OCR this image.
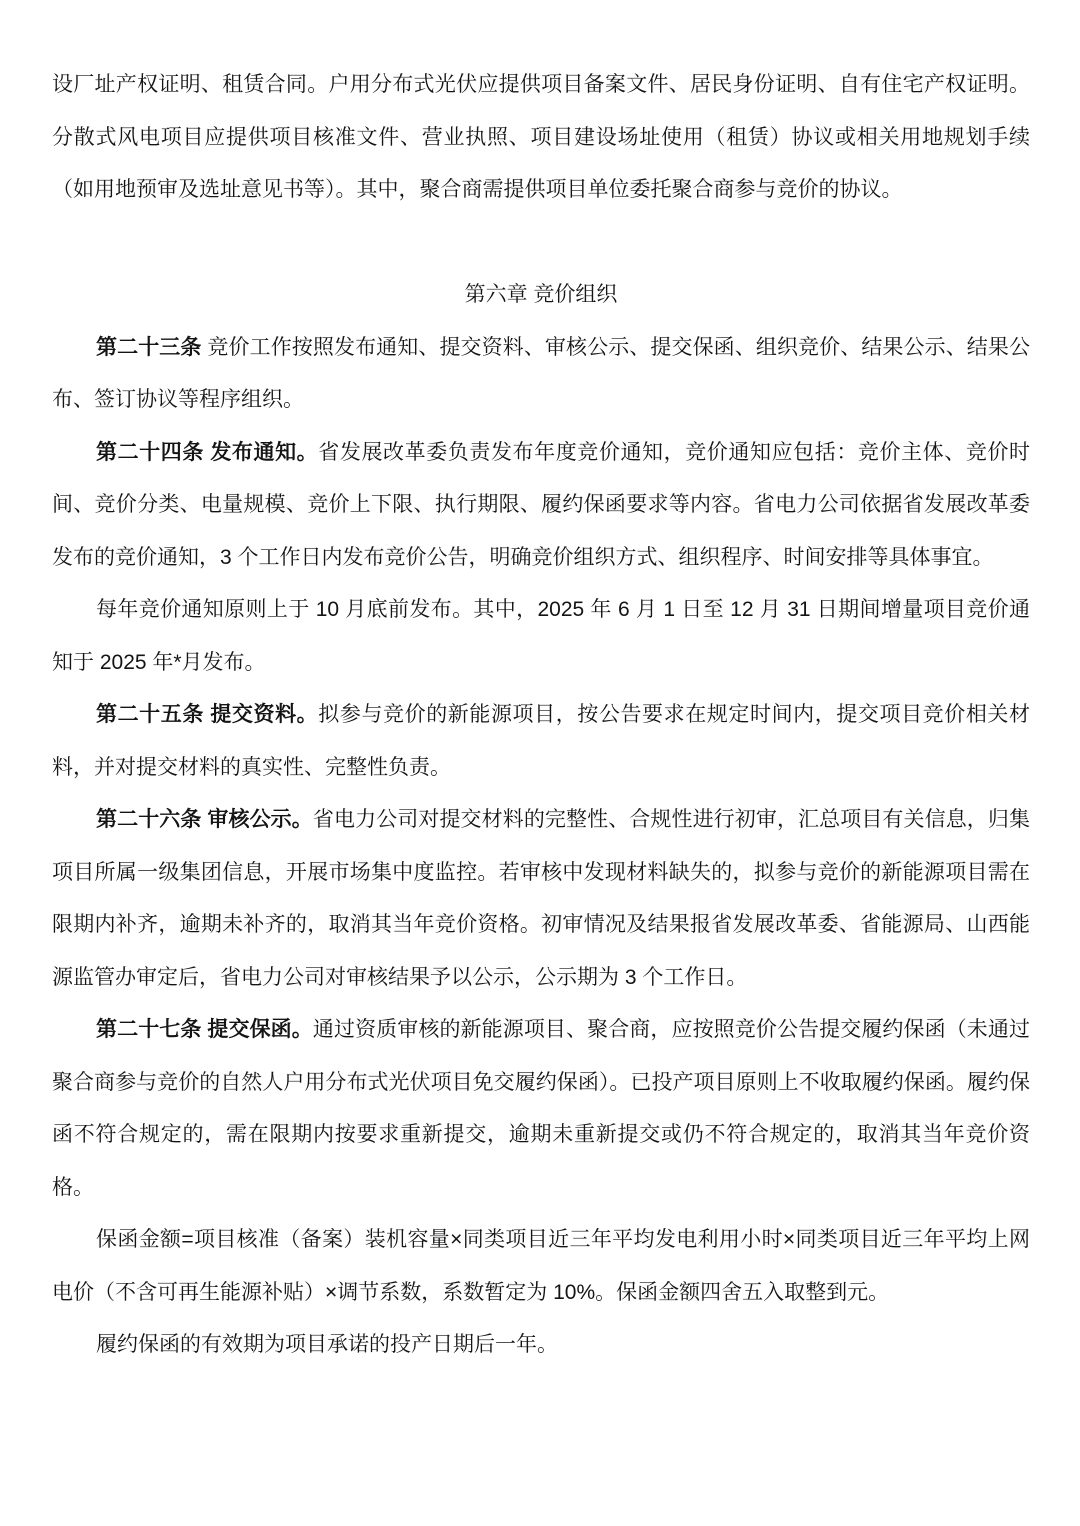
设厂址产权证明、租赁合同。户用分布式光伏应提供项目备案文件、居民身份证明、自有住宅产权证明。分散式风电项目应提供项目核准文件、营业执照、项目建设场址使用（租赁）协议或相关用地规划手续（如用地预审及选址意见书等）。其中，聚合商需提供项目单位委托聚合商参与竞价的协议。

第六章 竞价组织

第二十三条 竞价工作按照发布通知、提交资料、审核公示、提交保函、组织竞价、结果公示、结果公布、签订协议等程序组织。

第二十四条 发布通知。省发展改革委负责发布年度竞价通知，竞价通知应包括：竞价主体、竞价时间、竞价分类、电量规模、竞价上下限、执行期限、履约保函要求等内容。省电力公司依据省发展改革委发布的竞价通知，3 个工作日内发布竞价公告，明确竞价组织方式、组织程序、时间安排等具体事宜。

每年竞价通知原则上于 10 月底前发布。其中，2025 年 6 月 1 日至 12 月 31 日期间增量项目竞价通知于 2025 年*月发布。

第二十五条 提交资料。拟参与竞价的新能源项目，按公告要求在规定时间内，提交项目竞价相关材料，并对提交材料的真实性、完整性负责。

第二十六条 审核公示。省电力公司对提交材料的完整性、合规性进行初审，汇总项目有关信息，归集项目所属一级集团信息，开展市场集中度监控。若审核中发现材料缺失的，拟参与竞价的新能源项目需在限期内补齐，逾期未补齐的，取消其当年竞价资格。初审情况及结果报省发展改革委、省能源局、山西能源监管办审定后，省电力公司对审核结果予以公示，公示期为 3 个工作日。

第二十七条 提交保函。通过资质审核的新能源项目、聚合商，应按照竞价公告提交履约保函（未通过聚合商参与竞价的自然人户用分布式光伏项目免交履约保函）。已投产项目原则上不收取履约保函。履约保函不符合规定的，需在限期内按要求重新提交，逾期未重新提交或仍不符合规定的，取消其当年竞价资格。

保函金额=项目核准（备案）装机容量×同类项目近三年平均发电利用小时×同类项目近三年平均上网电价（不含可再生能源补贴）×调节系数，系数暂定为 10%。保函金额四舍五入取整到元。

履约保函的有效期为项目承诺的投产日期后一年。
